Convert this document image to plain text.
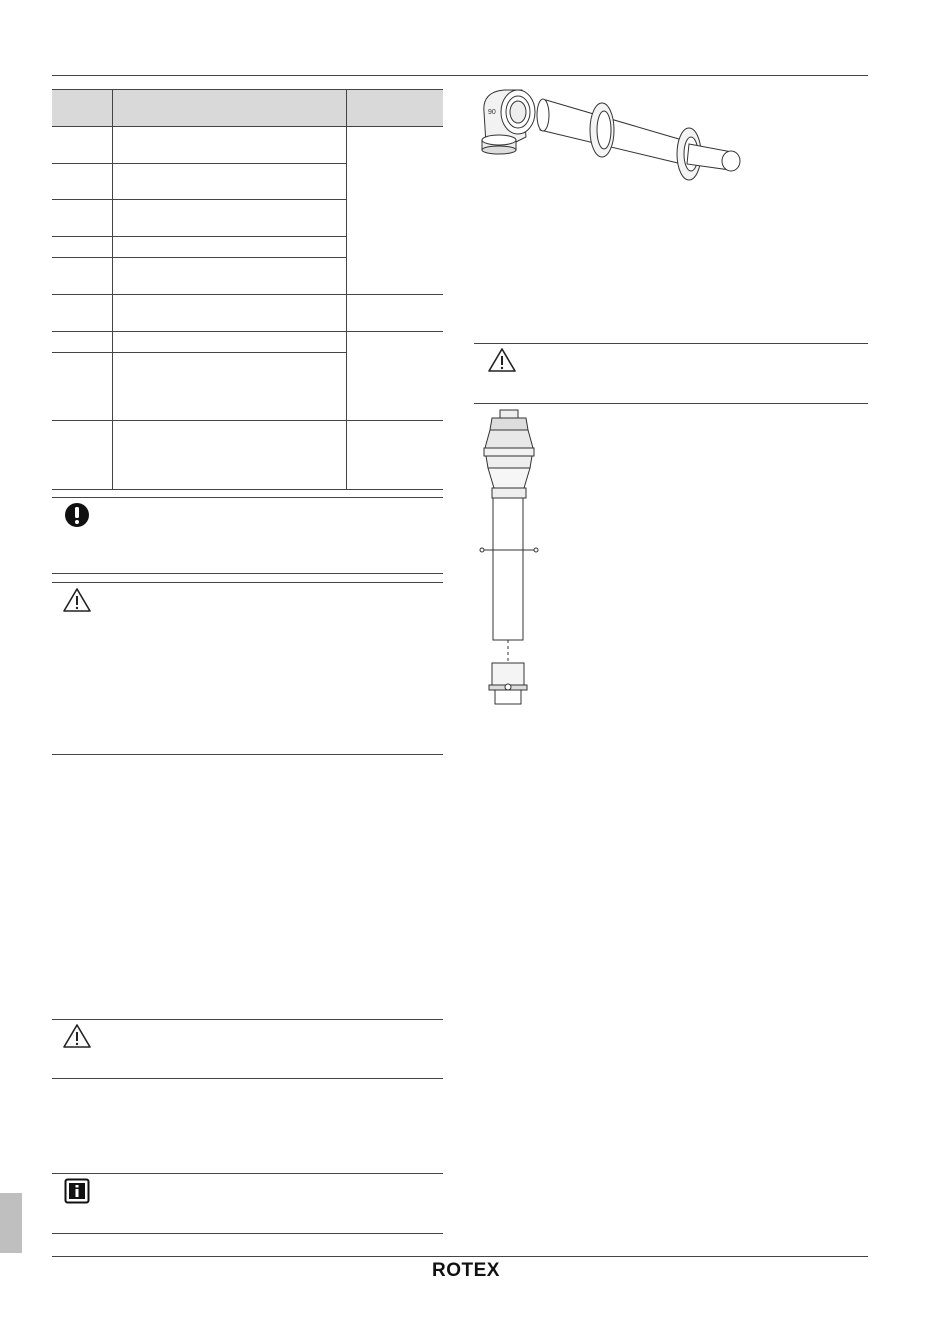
90
ROTEX
